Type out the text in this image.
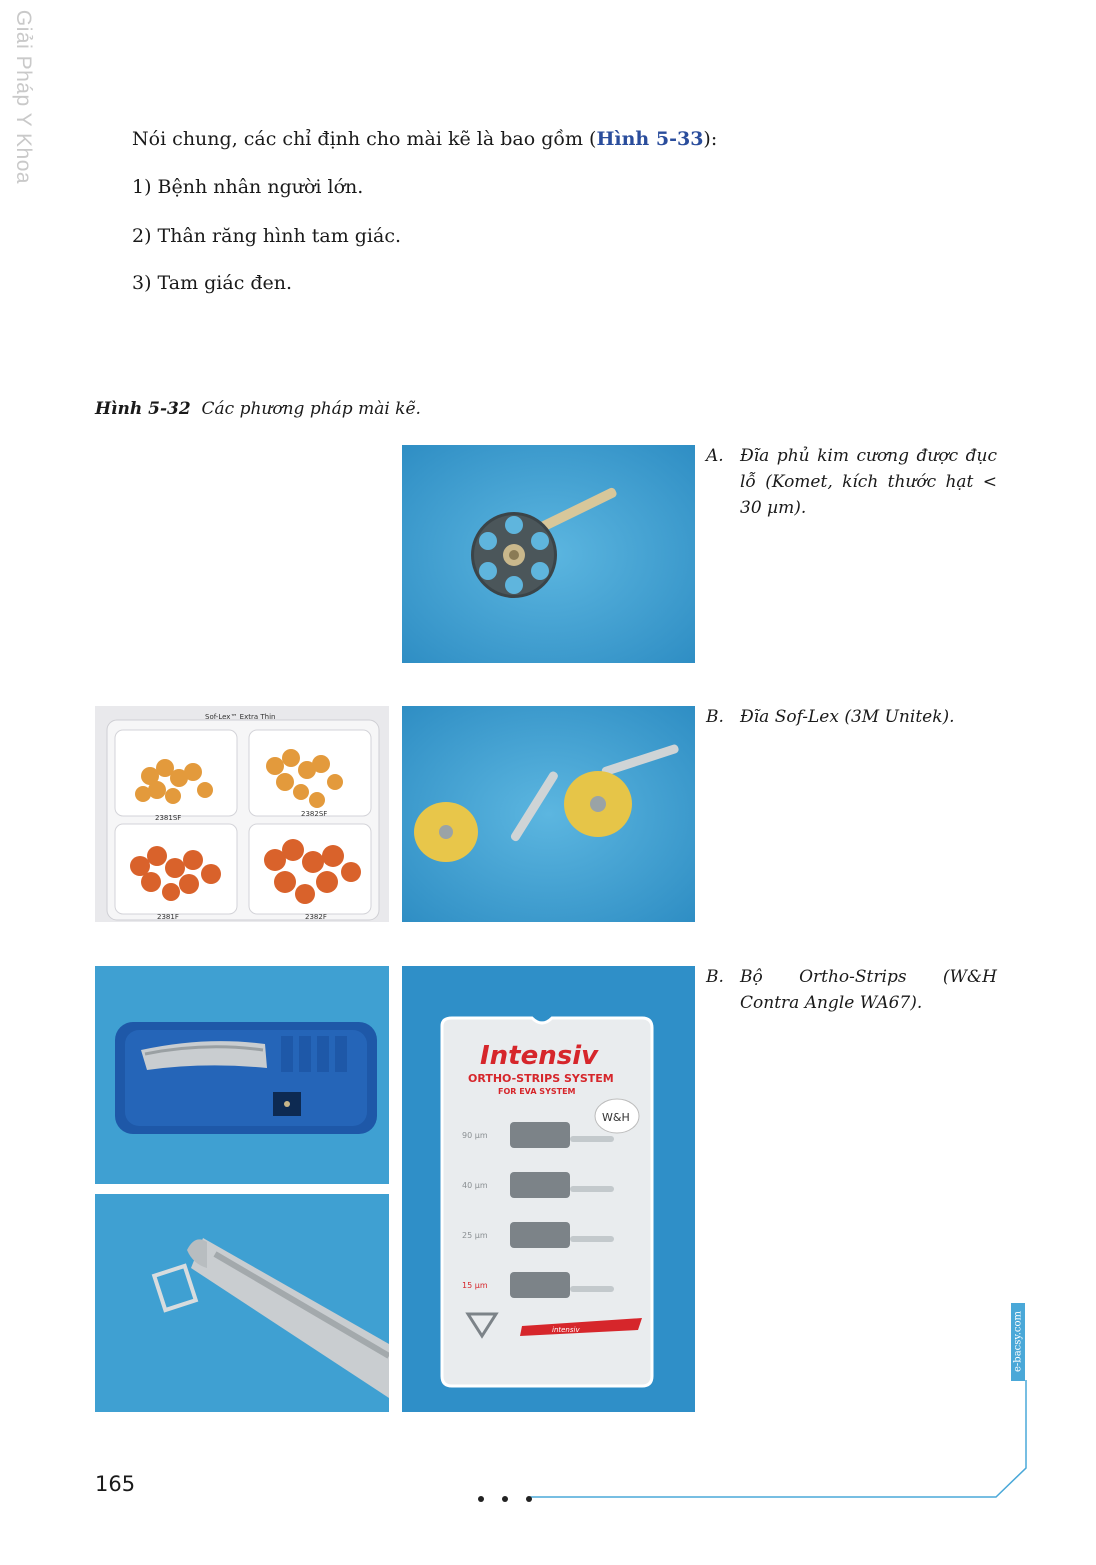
Giải Pháp Y Khoa	Nói chung, các chỉ định cho mài kẽ là bao gồm (Hình 5-33):
1) Bệnh nhân người lớn.
2) Thân răng hình tam giác.
3) Tam giác đen.
Hình 5-32 Các phương pháp mài kẽ.
A. Đĩa phủ kim cương được đục lỗ (Komet, kích thước hạt < 30 µm).
Sof-Lex™ Extra Thin
2381SF	2382SF
2381F	2382F
B. Đĩa Sof-Lex (3M Unitek).
Intensiv
ORTHO-STRIPS SYSTEM
FOR EVA SYSTEM
W&H
90 µm
40 µm
25 µm
15 µm
intensiv
B. Bộ Ortho-Strips (W&H Contra Angle WA67).
e-bacsy.com
165
